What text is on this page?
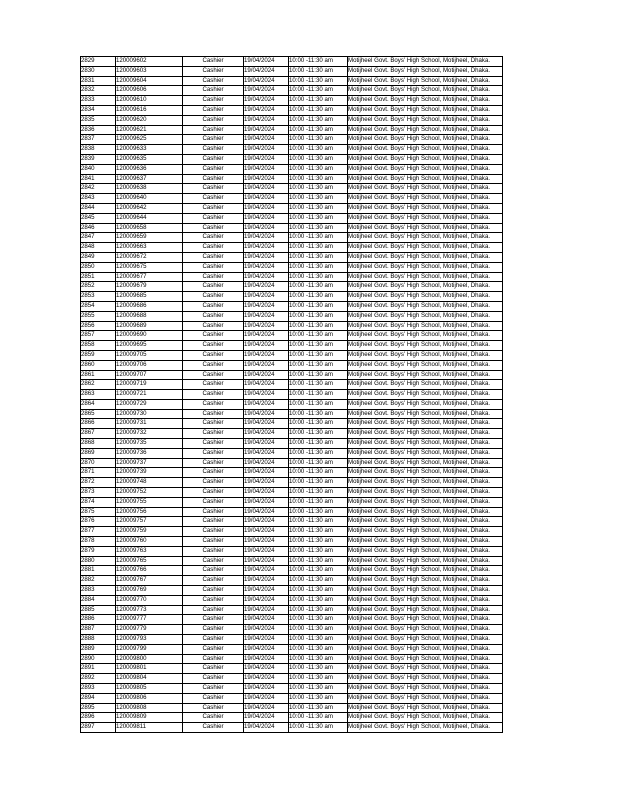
2829	120009602	Cashier	19/04/2024	10:00 -11:30 am	Motijheel Govt. Boys' High School, Motijheel, Dhaka.
2830	120009603	Cashier	19/04/2024	10:00 -11:30 am	Motijheel Govt. Boys' High School, Motijheel, Dhaka.
2831	120009604	Cashier	19/04/2024	10:00 -11:30 am	Motijheel Govt. Boys' High School, Motijheel, Dhaka.
2832	120009606	Cashier	19/04/2024	10:00 -11:30 am	Motijheel Govt. Boys' High School, Motijheel, Dhaka.
2833	120009610	Cashier	19/04/2024	10:00 -11:30 am	Motijheel Govt. Boys' High School, Motijheel, Dhaka.
2834	120009616	Cashier	19/04/2024	10:00 -11:30 am	Motijheel Govt. Boys' High School, Motijheel, Dhaka.
2835	120009620	Cashier	19/04/2024	10:00 -11:30 am	Motijheel Govt. Boys' High School, Motijheel, Dhaka.
2836	120009621	Cashier	19/04/2024	10:00 -11:30 am	Motijheel Govt. Boys' High School, Motijheel, Dhaka.
2837	120009625	Cashier	19/04/2024	10:00 -11:30 am	Motijheel Govt. Boys' High School, Motijheel, Dhaka.
2838	120009633	Cashier	19/04/2024	10:00 -11:30 am	Motijheel Govt. Boys' High School, Motijheel, Dhaka.
2839	120009635	Cashier	19/04/2024	10:00 -11:30 am	Motijheel Govt. Boys' High School, Motijheel, Dhaka.
2840	120009636	Cashier	19/04/2024	10:00 -11:30 am	Motijheel Govt. Boys' High School, Motijheel, Dhaka.
2841	120009637	Cashier	19/04/2024	10:00 -11:30 am	Motijheel Govt. Boys' High School, Motijheel, Dhaka.
2842	120009638	Cashier	19/04/2024	10:00 -11:30 am	Motijheel Govt. Boys' High School, Motijheel, Dhaka.
2843	120009640	Cashier	19/04/2024	10:00 -11:30 am	Motijheel Govt. Boys' High School, Motijheel, Dhaka.
2844	120009642	Cashier	19/04/2024	10:00 -11:30 am	Motijheel Govt. Boys' High School, Motijheel, Dhaka.
2845	120009644	Cashier	19/04/2024	10:00 -11:30 am	Motijheel Govt. Boys' High School, Motijheel, Dhaka.
2846	120009658	Cashier	19/04/2024	10:00 -11:30 am	Motijheel Govt. Boys' High School, Motijheel, Dhaka.
2847	120009659	Cashier	19/04/2024	10:00 -11:30 am	Motijheel Govt. Boys' High School, Motijheel, Dhaka.
2848	120009663	Cashier	19/04/2024	10:00 -11:30 am	Motijheel Govt. Boys' High School, Motijheel, Dhaka.
2849	120009672	Cashier	19/04/2024	10:00 -11:30 am	Motijheel Govt. Boys' High School, Motijheel, Dhaka.
2850	120009675	Cashier	19/04/2024	10:00 -11:30 am	Motijheel Govt. Boys' High School, Motijheel, Dhaka.
2851	120009677	Cashier	19/04/2024	10:00 -11:30 am	Motijheel Govt. Boys' High School, Motijheel, Dhaka.
2852	120009679	Cashier	19/04/2024	10:00 -11:30 am	Motijheel Govt. Boys' High School, Motijheel, Dhaka.
2853	120009685	Cashier	19/04/2024	10:00 -11:30 am	Motijheel Govt. Boys' High School, Motijheel, Dhaka.
2854	120009686	Cashier	19/04/2024	10:00 -11:30 am	Motijheel Govt. Boys' High School, Motijheel, Dhaka.
2855	120009688	Cashier	19/04/2024	10:00 -11:30 am	Motijheel Govt. Boys' High School, Motijheel, Dhaka.
2856	120009689	Cashier	19/04/2024	10:00 -11:30 am	Motijheel Govt. Boys' High School, Motijheel, Dhaka.
2857	120009690	Cashier	19/04/2024	10:00 -11:30 am	Motijheel Govt. Boys' High School, Motijheel, Dhaka.
2858	120009695	Cashier	19/04/2024	10:00 -11:30 am	Motijheel Govt. Boys' High School, Motijheel, Dhaka.
2859	120009705	Cashier	19/04/2024	10:00 -11:30 am	Motijheel Govt. Boys' High School, Motijheel, Dhaka.
2860	120009706	Cashier	19/04/2024	10:00 -11:30 am	Motijheel Govt. Boys' High School, Motijheel, Dhaka.
2861	120009707	Cashier	19/04/2024	10:00 -11:30 am	Motijheel Govt. Boys' High School, Motijheel, Dhaka.
2862	120009719	Cashier	19/04/2024	10:00 -11:30 am	Motijheel Govt. Boys' High School, Motijheel, Dhaka.
2863	120009721	Cashier	19/04/2024	10:00 -11:30 am	Motijheel Govt. Boys' High School, Motijheel, Dhaka.
2864	120009729	Cashier	19/04/2024	10:00 -11:30 am	Motijheel Govt. Boys' High School, Motijheel, Dhaka.
2865	120009730	Cashier	19/04/2024	10:00 -11:30 am	Motijheel Govt. Boys' High School, Motijheel, Dhaka.
2866	120009731	Cashier	19/04/2024	10:00 -11:30 am	Motijheel Govt. Boys' High School, Motijheel, Dhaka.
2867	120009732	Cashier	19/04/2024	10:00 -11:30 am	Motijheel Govt. Boys' High School, Motijheel, Dhaka.
2868	120009735	Cashier	19/04/2024	10:00 -11:30 am	Motijheel Govt. Boys' High School, Motijheel, Dhaka.
2869	120009736	Cashier	19/04/2024	10:00 -11:30 am	Motijheel Govt. Boys' High School, Motijheel, Dhaka.
2870	120009737	Cashier	19/04/2024	10:00 -11:30 am	Motijheel Govt. Boys' High School, Motijheel, Dhaka.
2871	120009739	Cashier	19/04/2024	10:00 -11:30 am	Motijheel Govt. Boys' High School, Motijheel, Dhaka.
2872	120009748	Cashier	19/04/2024	10:00 -11:30 am	Motijheel Govt. Boys' High School, Motijheel, Dhaka.
2873	120009752	Cashier	19/04/2024	10:00 -11:30 am	Motijheel Govt. Boys' High School, Motijheel, Dhaka.
2874	120009755	Cashier	19/04/2024	10:00 -11:30 am	Motijheel Govt. Boys' High School, Motijheel, Dhaka.
2875	120009756	Cashier	19/04/2024	10:00 -11:30 am	Motijheel Govt. Boys' High School, Motijheel, Dhaka.
2876	120009757	Cashier	19/04/2024	10:00 -11:30 am	Motijheel Govt. Boys' High School, Motijheel, Dhaka.
2877	120009759	Cashier	19/04/2024	10:00 -11:30 am	Motijheel Govt. Boys' High School, Motijheel, Dhaka.
2878	120009760	Cashier	19/04/2024	10:00 -11:30 am	Motijheel Govt. Boys' High School, Motijheel, Dhaka.
2879	120009763	Cashier	19/04/2024	10:00 -11:30 am	Motijheel Govt. Boys' High School, Motijheel, Dhaka.
2880	120009765	Cashier	19/04/2024	10:00 -11:30 am	Motijheel Govt. Boys' High School, Motijheel, Dhaka.
2881	120009766	Cashier	19/04/2024	10:00 -11:30 am	Motijheel Govt. Boys' High School, Motijheel, Dhaka.
2882	120009767	Cashier	19/04/2024	10:00 -11:30 am	Motijheel Govt. Boys' High School, Motijheel, Dhaka.
2883	120009769	Cashier	19/04/2024	10:00 -11:30 am	Motijheel Govt. Boys' High School, Motijheel, Dhaka.
2884	120009770	Cashier	19/04/2024	10:00 -11:30 am	Motijheel Govt. Boys' High School, Motijheel, Dhaka.
2885	120009773	Cashier	19/04/2024	10:00 -11:30 am	Motijheel Govt. Boys' High School, Motijheel, Dhaka.
2886	120009777	Cashier	19/04/2024	10:00 -11:30 am	Motijheel Govt. Boys' High School, Motijheel, Dhaka.
2887	120009779	Cashier	19/04/2024	10:00 -11:30 am	Motijheel Govt. Boys' High School, Motijheel, Dhaka.
2888	120009793	Cashier	19/04/2024	10:00 -11:30 am	Motijheel Govt. Boys' High School, Motijheel, Dhaka.
2889	120009799	Cashier	19/04/2024	10:00 -11:30 am	Motijheel Govt. Boys' High School, Motijheel, Dhaka.
2890	120009800	Cashier	19/04/2024	10:00 -11:30 am	Motijheel Govt. Boys' High School, Motijheel, Dhaka.
2891	120009801	Cashier	19/04/2024	10:00 -11:30 am	Motijheel Govt. Boys' High School, Motijheel, Dhaka.
2892	120009804	Cashier	19/04/2024	10:00 -11:30 am	Motijheel Govt. Boys' High School, Motijheel, Dhaka.
2893	120009805	Cashier	19/04/2024	10:00 -11:30 am	Motijheel Govt. Boys' High School, Motijheel, Dhaka.
2894	120009806	Cashier	19/04/2024	10:00 -11:30 am	Motijheel Govt. Boys' High School, Motijheel, Dhaka.
2895	120009808	Cashier	19/04/2024	10:00 -11:30 am	Motijheel Govt. Boys' High School, Motijheel, Dhaka.
2896	120009809	Cashier	19/04/2024	10:00 -11:30 am	Motijheel Govt. Boys' High School, Motijheel, Dhaka.
2897	120009811	Cashier	19/04/2024	10:00 -11:30 am	Motijheel Govt. Boys' High School, Motijheel, Dhaka.
